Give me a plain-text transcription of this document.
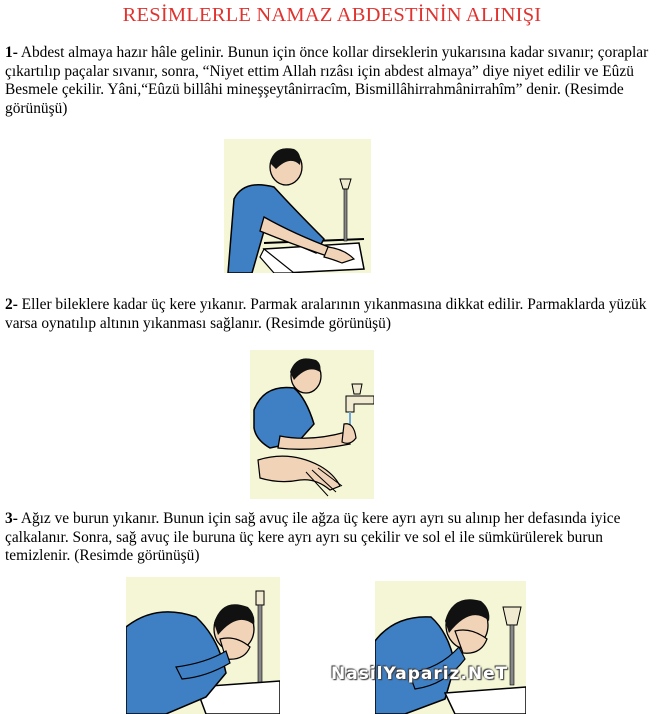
RESİMLERLE NAMAZ ABDESTİNİN ALINIŞI
1- Abdest almaya hazır hâle gelinir. Bunun için önce kollar dirseklerin yukarısına kadar sıvanır; çoraplar çıkartılıp paçalar sıvanır, sonra, “Niyet ettim Allah rızâsı için abdest almaya” diye niyet edilir ve Eûzü Besmele çekilir. Yâni,“Eûzü billâhi mineşşeytânirracîm, Bismillâhirrahmânirrahîm” denir. (Resimde görünüşü)
2- Eller bileklere kadar üç kere yıkanır. Parmak aralarının yıkanmasına dikkat edilir. Parmaklarda yüzük varsa oynatılıp altının yıkanması sağlanır. (Resimde görünüşü)
3- Ağız ve burun yıkanır. Bunun için sağ avuç ile ağza üç kere ayrı ayrı su alınıp her defasında iyice çalkalanır. Sonra, sağ avuç ile buruna üç kere ayrı ayrı su çekilir ve sol el ile sümkürülerek burun temizlenir. (Resimde görünüşü)
NasilYapariz.NeT
